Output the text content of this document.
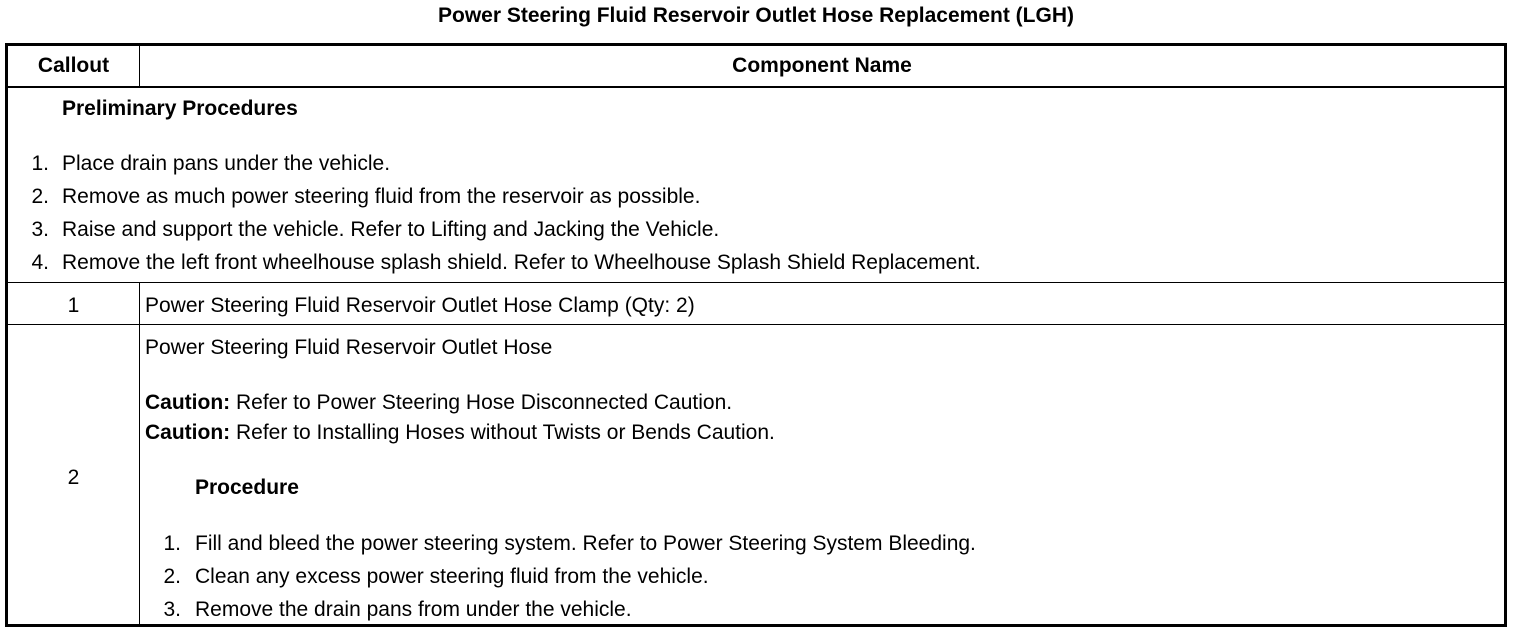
Power Steering Fluid Reservoir Outlet Hose Replacement (LGH)
Callout	Component Name
Preliminary Procedures
1. Place drain pans under the vehicle.
2. Remove as much power steering fluid from the reservoir as possible.
3. Raise and support the vehicle. Refer to Lifting and Jacking the Vehicle.
4. Remove the left front wheelhouse splash shield. Refer to Wheelhouse Splash Shield Replacement.
1	Power Steering Fluid Reservoir Outlet Hose Clamp (Qty: 2)
2
Power Steering Fluid Reservoir Outlet Hose
Caution: Refer to Power Steering Hose Disconnected Caution.
Caution: Refer to Installing Hoses without Twists or Bends Caution.
Procedure
1. Fill and bleed the power steering system. Refer to Power Steering System Bleeding.
2. Clean any excess power steering fluid from the vehicle.
3. Remove the drain pans from under the vehicle.
